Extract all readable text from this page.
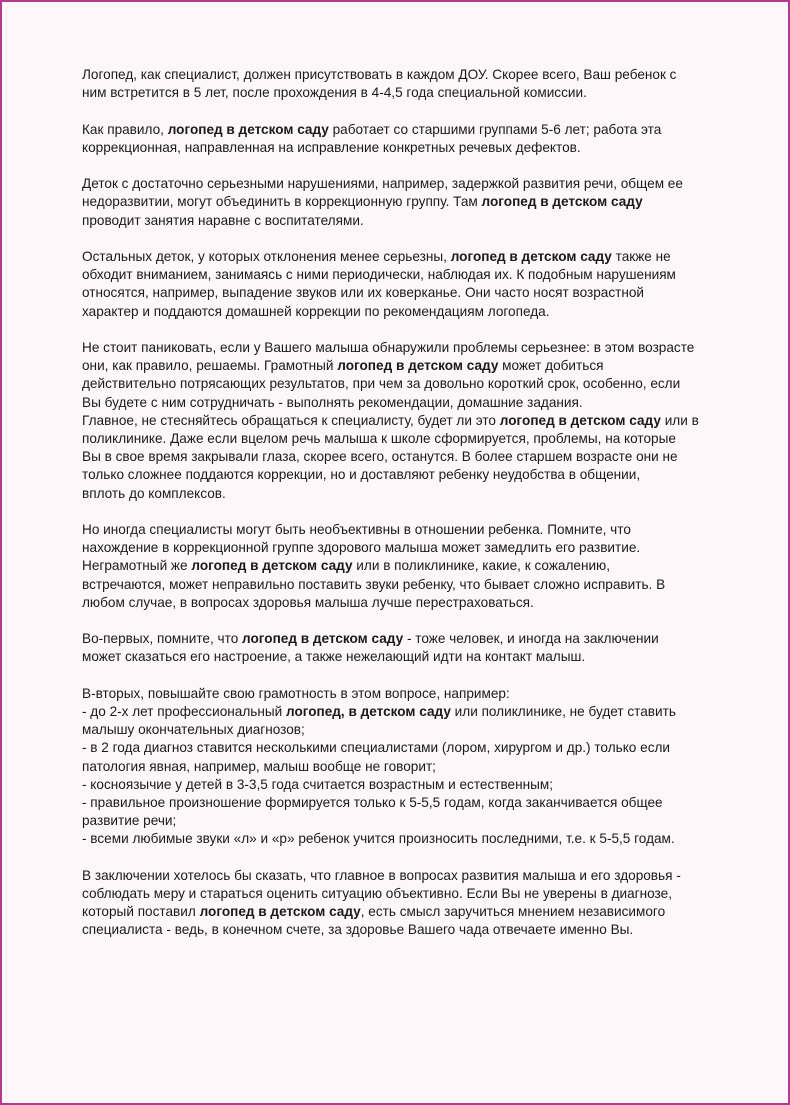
Логопед, как специалист, должен присутствовать в каждом ДОУ. Скорее всего, Ваш ребенок с
ним встретится в 5 лет, после прохождения в 4-4,5 года специальной комиссии.
Как правило, логопед в детском саду работает со старшими группами 5-6 лет; работа эта
коррекционная, направленная на исправление конкретных речевых дефектов.
Деток с достаточно серьезными нарушениями, например, задержкой развития речи, общем ее
недоразвитии, могут объединить в коррекционную группу. Там логопед в детском саду
проводит занятия наравне с воспитателями.
Остальных деток, у которых отклонения менее серьезны, логопед в детском саду также не
обходит вниманием, занимаясь с ними периодически, наблюдая их. К подобным нарушениям
относятся, например, выпадение звуков или их коверканье. Они часто носят возрастной
характер и поддаются домашней коррекции по рекомендациям логопеда.
Не стоит паниковать, если у Вашего малыша обнаружили проблемы серьезнее: в этом возрасте
они, как правило, решаемы. Грамотный логопед в детском саду может добиться
действительно потрясающих результатов, при чем за довольно короткий срок, особенно, если
Вы будете с ним сотрудничать - выполнять рекомендации, домашние задания.
Главное, не стесняйтесь обращаться к специалисту, будет ли это логопед в детском саду или в
поликлинике. Даже если вцелом речь малыша к школе сформируется, проблемы, на которые
Вы в свое время закрывали глаза, скорее всего, останутся. В более старшем возрасте они не
только сложнее поддаются коррекции, но и доставляют ребенку неудобства в общении,
вплоть до комплексов.
Но иногда специалисты могут быть необъективны в отношении ребенка. Помните, что
нахождение в коррекционной группе здорового малыша может замедлить его развитие.
Неграмотный же логопед в детском саду или в поликлинике, какие, к сожалению,
встречаются, может неправильно поставить звуки ребенку, что бывает сложно исправить. В
любом случае, в вопросах здоровья малыша лучше перестраховаться.
Во-первых, помните, что логопед в детском саду - тоже человек, и иногда на заключении
может сказаться его настроение, а также нежелающий идти на контакт малыш.
В-вторых, повышайте свою грамотность в этом вопросе, например:
- до 2-х лет профессиональный логопед, в детском саду или поликлинике, не будет ставить
малышу окончательных диагнозов;
- в 2 года диагноз ставится несколькими специалистами (лором, хирургом и др.) только если
патология явная, например, малыш вообще не говорит;
- косноязычие у детей в 3-3,5 года считается возрастным и естественным;
- правильное произношение формируется только к 5-5,5 годам, когда заканчивается общее
развитие речи;
- всеми любимые звуки «л» и «р» ребенок учится произносить последними, т.е. к 5-5,5 годам.
В заключении хотелось бы сказать, что главное в вопросах развития малыша и его здоровья -
соблюдать меру и стараться оценить ситуацию объективно. Если Вы не уверены в диагнозе,
который поставил логопед в детском саду, есть смысл заручиться мнением независимого
специалиста - ведь, в конечном счете, за здоровье Вашего чада отвечаете именно Вы.
